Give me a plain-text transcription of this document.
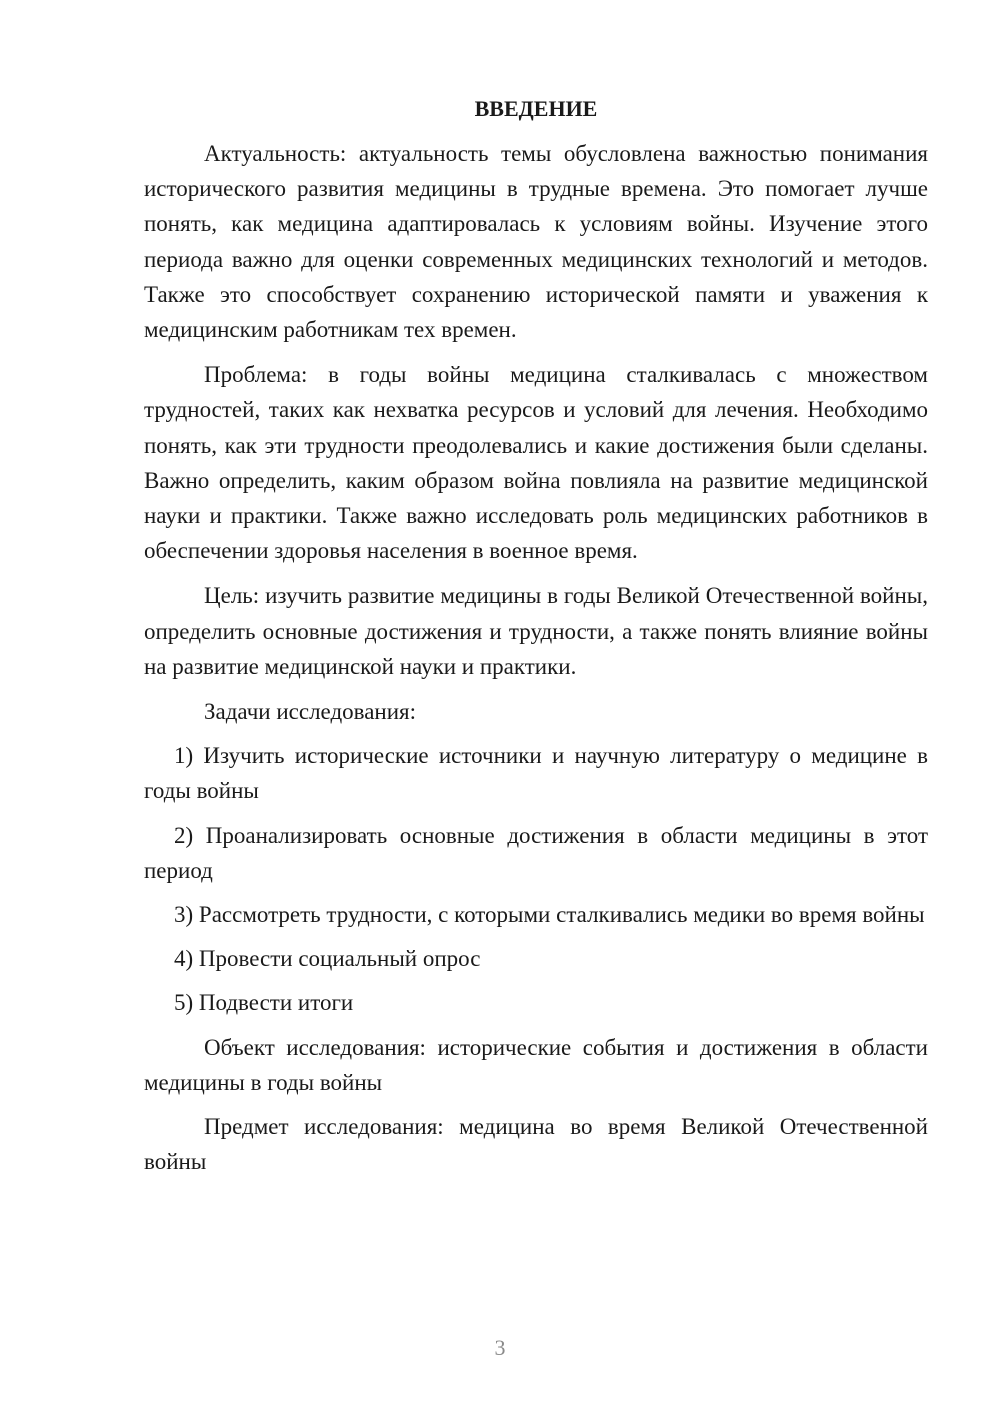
ВВЕДЕНИЕ

Актуальность: актуальность темы обусловлена важностью понимания исторического развития медицины в трудные времена. Это помогает лучше понять, как медицина адаптировалась к условиям войны. Изучение этого периода важно для оценки современных медицинских технологий и методов. Также это способствует сохранению исторической памяти и уважения к медицинским работникам тех времен.

Проблема: в годы войны медицина сталкивалась с множеством трудностей, таких как нехватка ресурсов и условий для лечения. Необходимо понять, как эти трудности преодолевались и какие достижения были сделаны. Важно определить, каким образом война повлияла на развитие медицинской науки и практики. Также важно исследовать роль медицинских работников в обеспечении здоровья населения в военное время.

Цель: изучить развитие медицины в годы Великой Отечественной войны, определить основные достижения и трудности, а также понять влияние войны на развитие медицинской науки и практики.

Задачи исследования:

1) Изучить исторические источники и научную литературу о медицине в годы войны

2) Проанализировать основные достижения в области медицины в этот период

3) Рассмотреть трудности, с которыми сталкивались медики во время войны

4) Провести социальный опрос

5) Подвести итоги

Объект исследования: исторические события и достижения в области медицины в годы войны

Предмет исследования: медицина во время Великой Отечественной войны

3
